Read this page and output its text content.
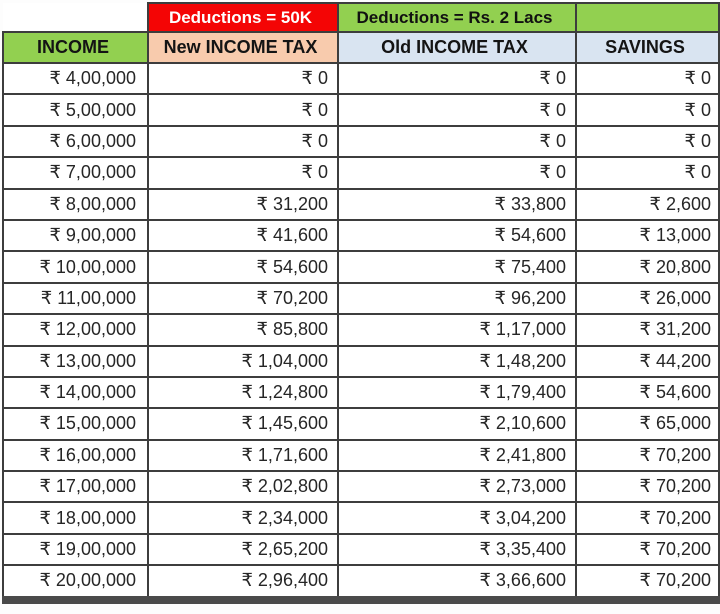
	Deductions = 50K	Deductions = Rs. 2 Lacs	
INCOME	New INCOME TAX	Old INCOME TAX	SAVINGS
₹ 4,00,000	₹ 0	₹ 0	₹ 0
₹ 5,00,000	₹ 0	₹ 0	₹ 0
₹ 6,00,000	₹ 0	₹ 0	₹ 0
₹ 7,00,000	₹ 0	₹ 0	₹ 0
₹ 8,00,000	₹ 31,200	₹ 33,800	₹ 2,600
₹ 9,00,000	₹ 41,600	₹ 54,600	₹ 13,000
₹ 10,00,000	₹ 54,600	₹ 75,400	₹ 20,800
₹ 11,00,000	₹ 70,200	₹ 96,200	₹ 26,000
₹ 12,00,000	₹ 85,800	₹ 1,17,000	₹ 31,200
₹ 13,00,000	₹ 1,04,000	₹ 1,48,200	₹ 44,200
₹ 14,00,000	₹ 1,24,800	₹ 1,79,400	₹ 54,600
₹ 15,00,000	₹ 1,45,600	₹ 2,10,600	₹ 65,000
₹ 16,00,000	₹ 1,71,600	₹ 2,41,800	₹ 70,200
₹ 17,00,000	₹ 2,02,800	₹ 2,73,000	₹ 70,200
₹ 18,00,000	₹ 2,34,000	₹ 3,04,200	₹ 70,200
₹ 19,00,000	₹ 2,65,200	₹ 3,35,400	₹ 70,200
₹ 20,00,000	₹ 2,96,400	₹ 3,66,600	₹ 70,200
